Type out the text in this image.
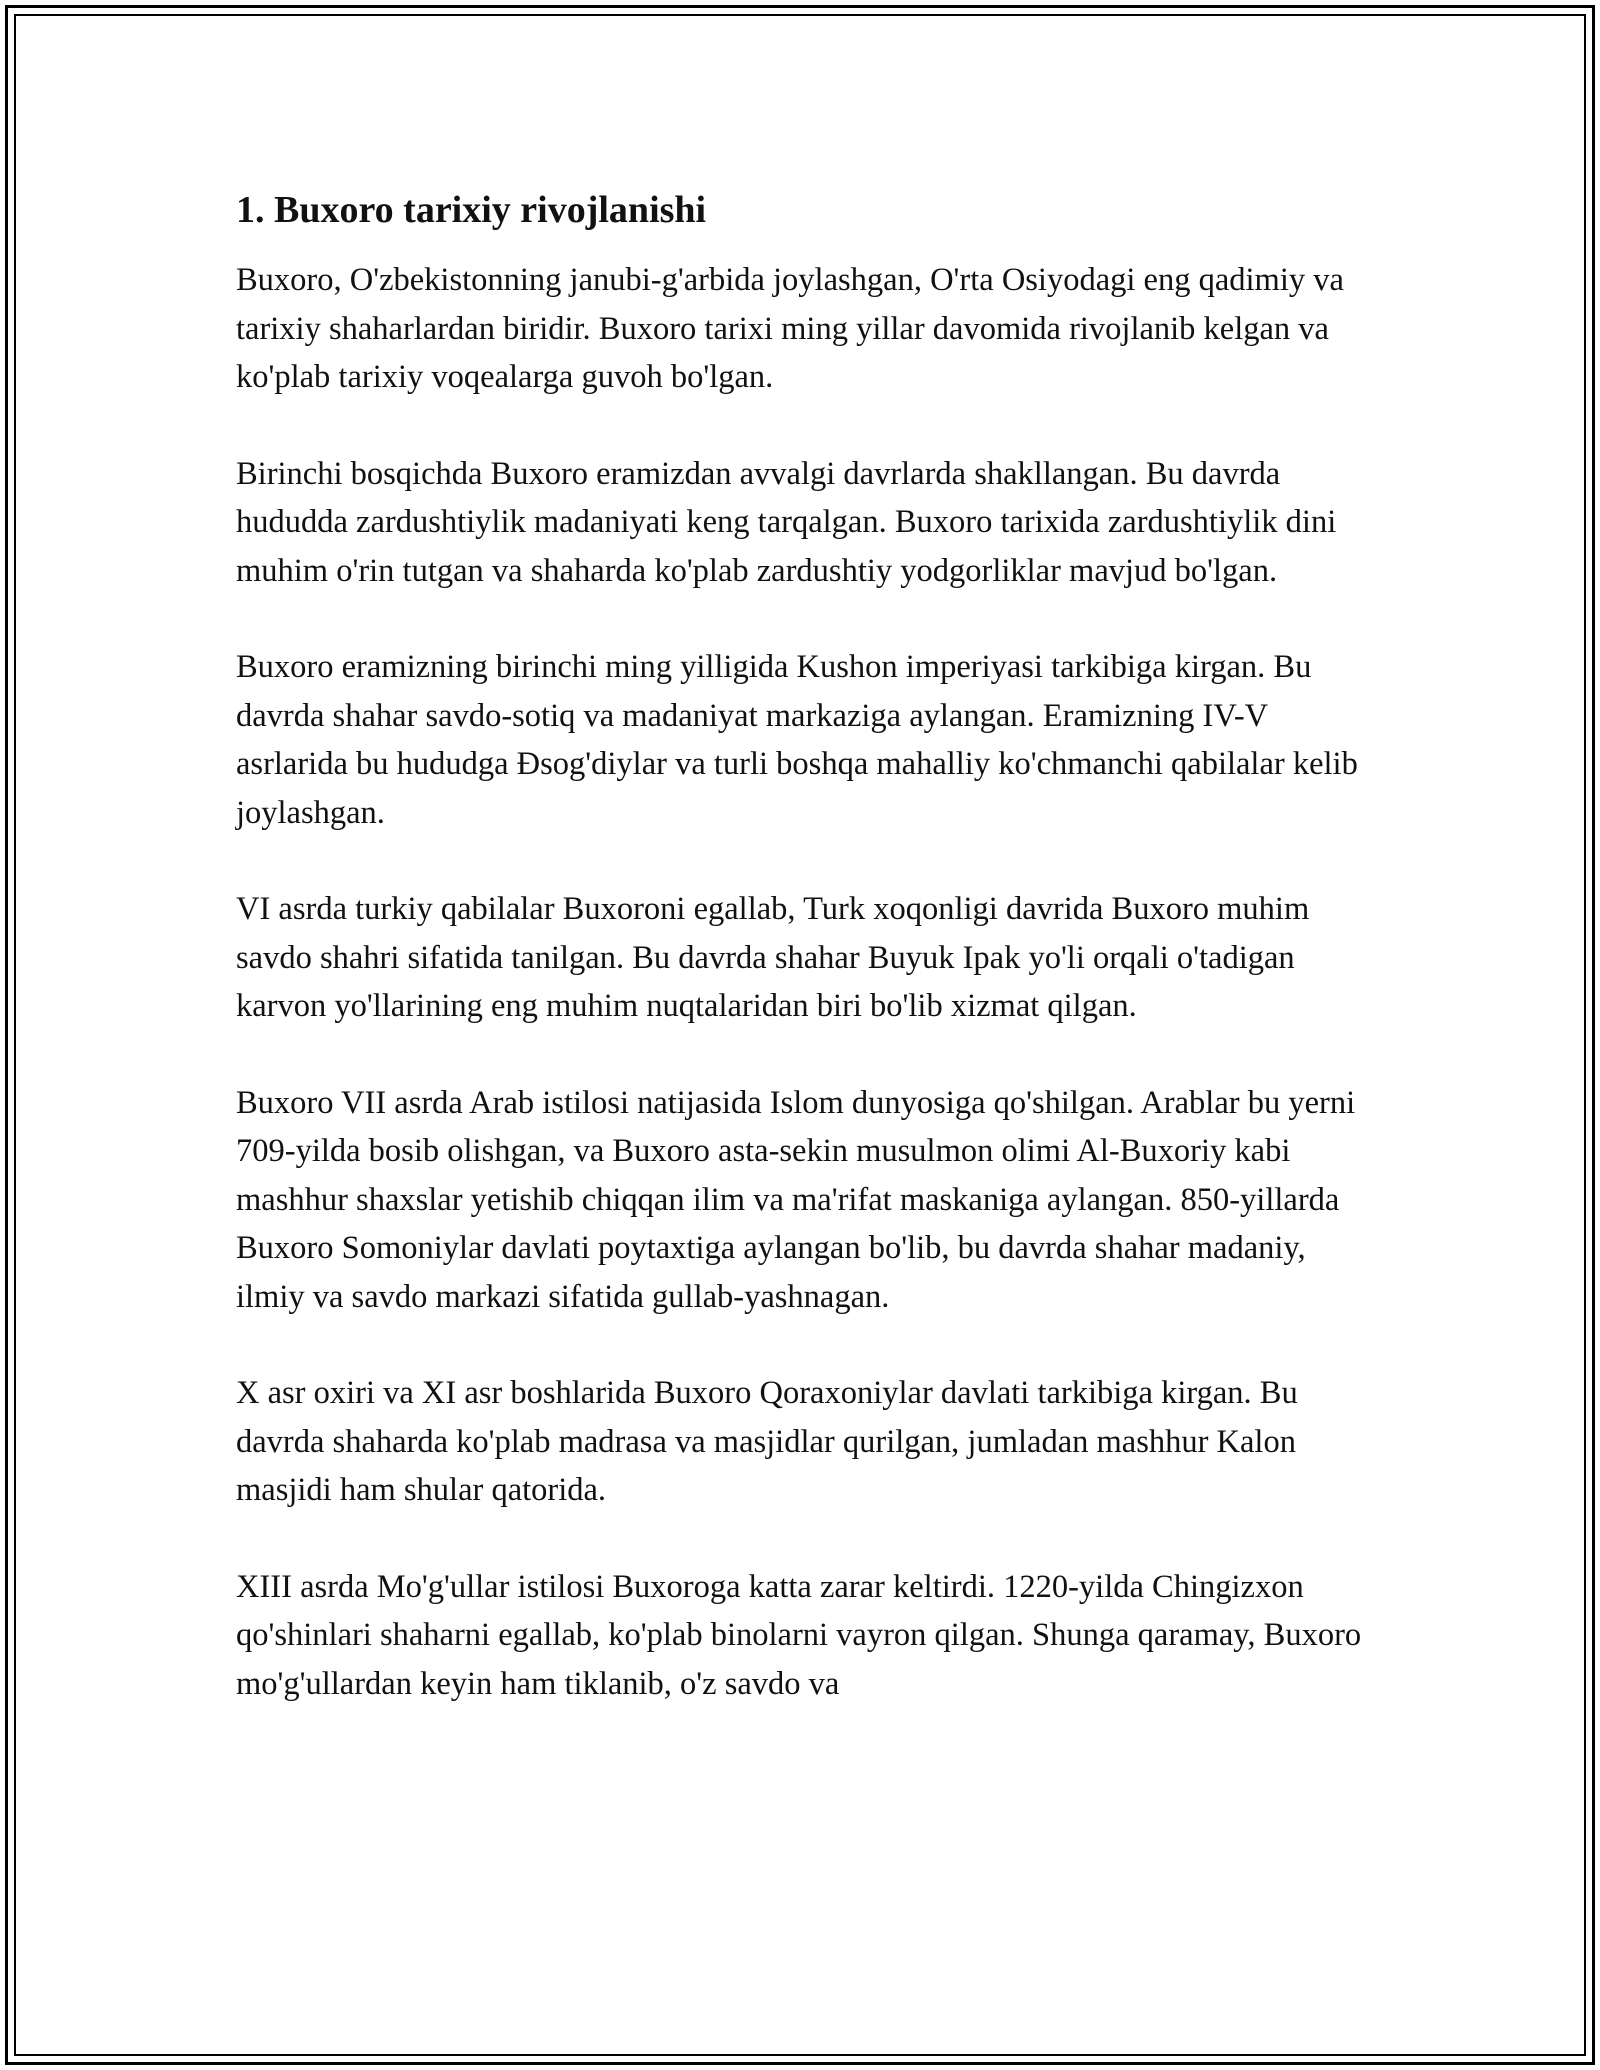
1. Buxoro tarixiy rivojlanishi

Buxoro, O'zbekistonning janubi-g'arbida joylashgan, O'rta Osiyodagi eng qadimiy va tarixiy shaharlardan biridir. Buxoro tarixi ming yillar davomida rivojlanib kelgan va ko'plab tarixiy voqealarga guvoh bo'lgan.

Birinchi bosqichda Buxoro eramizdan avvalgi davrlarda shakllangan. Bu davrda hududda zardushtiylik madaniyati keng tarqalgan. Buxoro tarixida zardushtiylik dini muhim o'rin tutgan va shaharda ko'plab zardushtiy yodgorliklar mavjud bo'lgan.

Buxoro eramizning birinchi ming yilligida Kushon imperiyasi tarkibiga kirgan. Bu davrda shahar savdo-sotiq va madaniyat markaziga aylangan. Eramizning IV-V asrlarida bu hududga Đsog'diylar va turli boshqa mahalliy ko'chmanchi qabilalar kelib joylashgan.

VI asrda turkiy qabilalar Buxoroni egallab, Turk xoqonligi davrida Buxoro muhim savdo shahri sifatida tanilgan. Bu davrda shahar Buyuk Ipak yo'li orqali o'tadigan karvon yo'llarining eng muhim nuqtalaridan biri bo'lib xizmat qilgan.

Buxoro VII asrda Arab istilosi natijasida Islom dunyosiga qo'shilgan. Arablar bu yerni 709-yilda bosib olishgan, va Buxoro asta-sekin musulmon olimi Al-Buxoriy kabi mashhur shaxslar yetishib chiqqan ilim va ma'rifat maskaniga aylangan. 850-yillarda Buxoro Somoniylar davlati poytaxtiga aylangan bo'lib, bu davrda shahar madaniy, ilmiy va savdo markazi sifatida gullab-yashnagan.

X asr oxiri va XI asr boshlarida Buxoro Qoraxoniylar davlati tarkibiga kirgan. Bu davrda shaharda ko'plab madrasa va masjidlar qurilgan, jumladan mashhur Kalon masjidi ham shular qatorida.

XIII asrda Mo'g'ullar istilosi Buxoroga katta zarar keltirdi. 1220-yilda Chingizxon qo'shinlari shaharni egallab, ko'plab binolarni vayron qilgan. Shunga qaramay, Buxoro mo'g'ullardan keyin ham tiklanib, o'z savdo va
